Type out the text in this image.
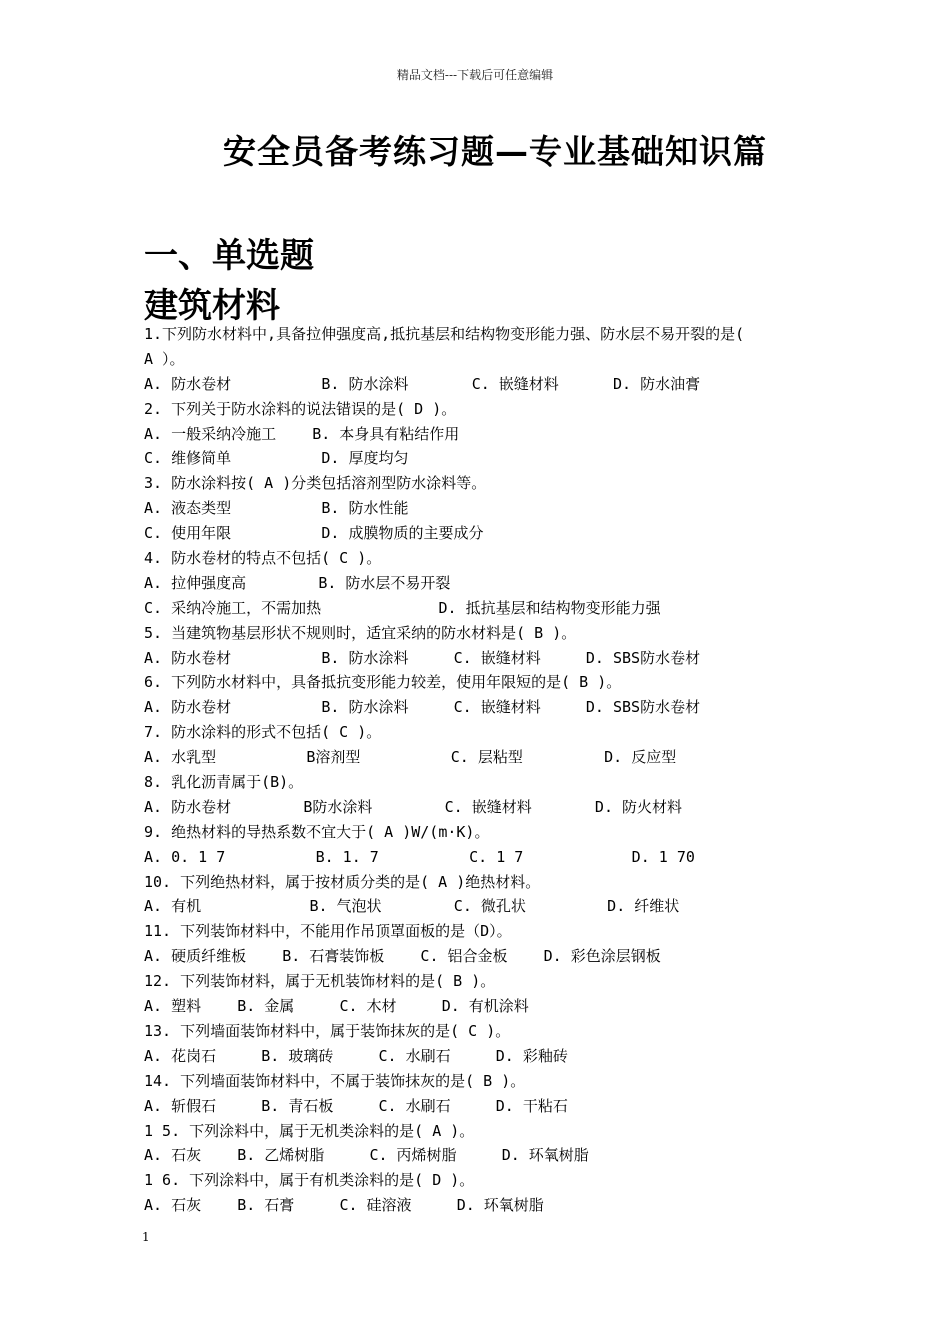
精品文档---下载后可任意编辑
安全员备考练习题—专业基础知识篇
一、单选题
建筑材料
1.下列防水材料中,具备拉伸强度高,抵抗基层和结构物变形能力强、防水层不易开裂的是(
A ）。
A. 防水卷材          B. 防水涂料       C. 嵌缝材料      D. 防水油膏
2. 下列关于防水涂料的说法错误的是( D )。
A. 一般采纳冷施工    B. 本身具有粘结作用
C. 维修简单          D. 厚度均匀
3. 防水涂料按( A )分类包括溶剂型防水涂料等。
A. 液态类型          B. 防水性能
C. 使用年限          D. 成膜物质的主要成分
4. 防水卷材的特点不包括( C )。
A. 拉伸强度高        B. 防水层不易开裂
C. 采纳冷施工，不需加热             D. 抵抗基层和结构物变形能力强
5. 当建筑物基层形状不规则时，适宜采纳的防水材料是( B )。
A. 防水卷材          B. 防水涂料     C. 嵌缝材料     D. SBS防水卷材
6. 下列防水材料中，具备抵抗变形能力较差，使用年限短的是( B )。
A. 防水卷材          B. 防水涂料     C. 嵌缝材料     D. SBS防水卷材
7. 防水涂料的形式不包括( C )。
A. 水乳型          B溶剂型          C. 层粘型         D. 反应型
8. 乳化沥青属于(B)。
A. 防水卷材        B防水涂料        C. 嵌缝材料       D. 防火材料
9. 绝热材料的导热系数不宜大于( A )W/(m·K)。
A. 0. 1 7          B. 1. 7          C. 1 7            D. 1 70
10. 下列绝热材料，属于按材质分类的是( A )绝热材料。
A. 有机            B. 气泡状        C. 微孔状         D. 纤维状
11. 下列装饰材料中，不能用作吊顶罩面板的是（D）。
A. 硬质纤维板    B. 石膏装饰板    C. 铝合金板    D. 彩色涂层钢板
12. 下列装饰材料，属于无机装饰材料的是( B )。
A. 塑料    B. 金属     C. 木材     D. 有机涂料
13. 下列墙面装饰材料中，属于装饰抹灰的是( C )。
A. 花岗石     B. 玻璃砖     C. 水刷石     D. 彩釉砖
14. 下列墙面装饰材料中，不属于装饰抹灰的是( B )。
A. 斩假石     B. 青石板     C. 水刷石     D. 干粘石
1 5. 下列涂料中，属于无机类涂料的是( A )。
A. 石灰    B. 乙烯树脂     C. 丙烯树脂     D. 环氧树脂
1 6. 下列涂料中，属于有机类涂料的是( D )。
A. 石灰    B. 石膏     C. 硅溶液     D. 环氧树脂
1
